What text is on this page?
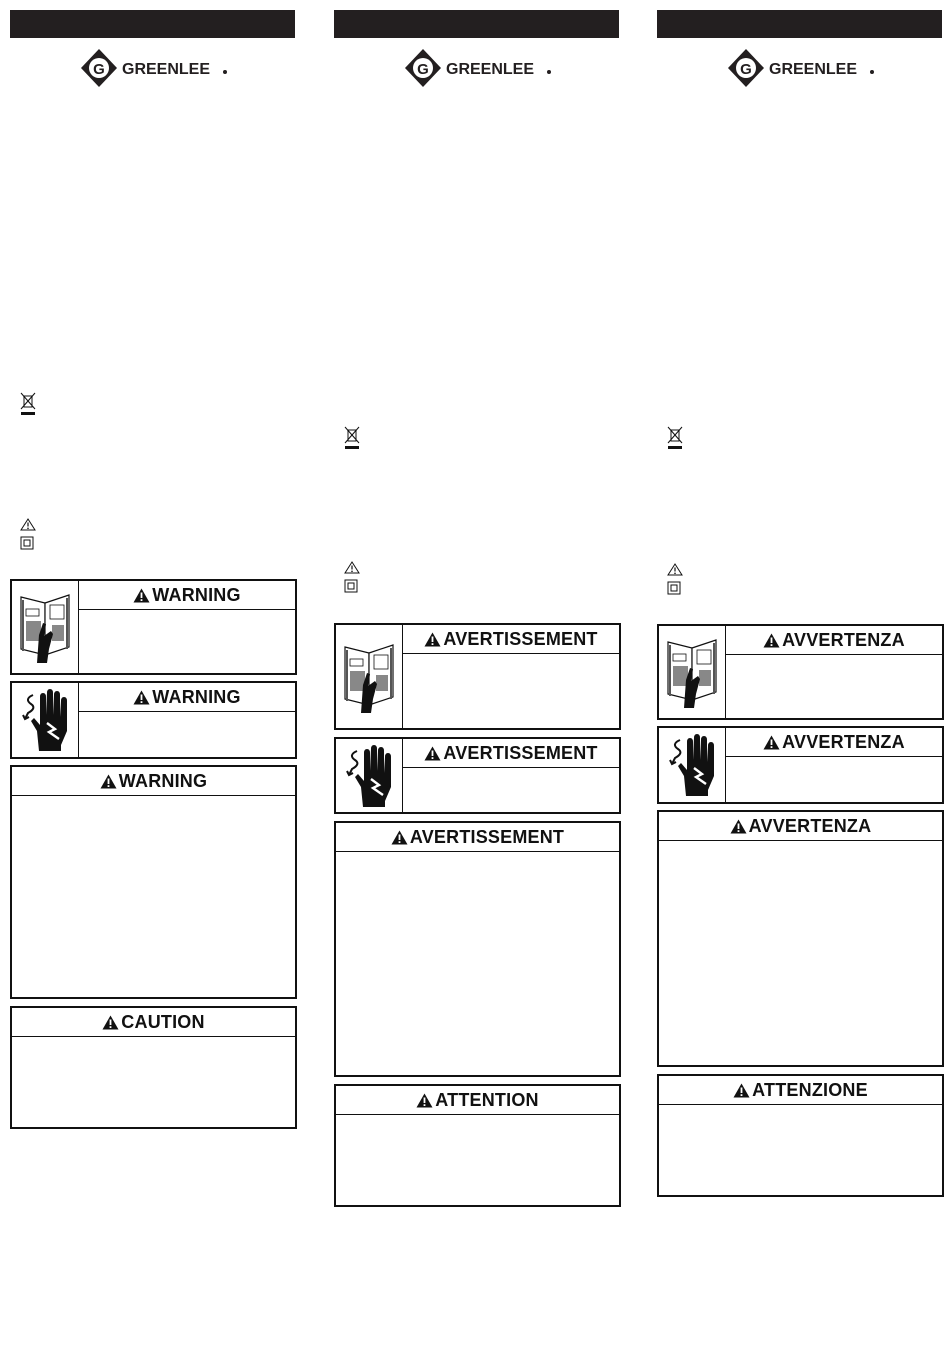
G GREENLEE
WARNING
WARNING
WARNING
CAUTION
G GREENLEE
AVERTISSEMENT
AVERTISSEMENT
AVERTISSEMENT
ATTENTION
G GREENLEE
AVVERTENZA
AVVERTENZA
AVVERTENZA
ATTENZIONE
